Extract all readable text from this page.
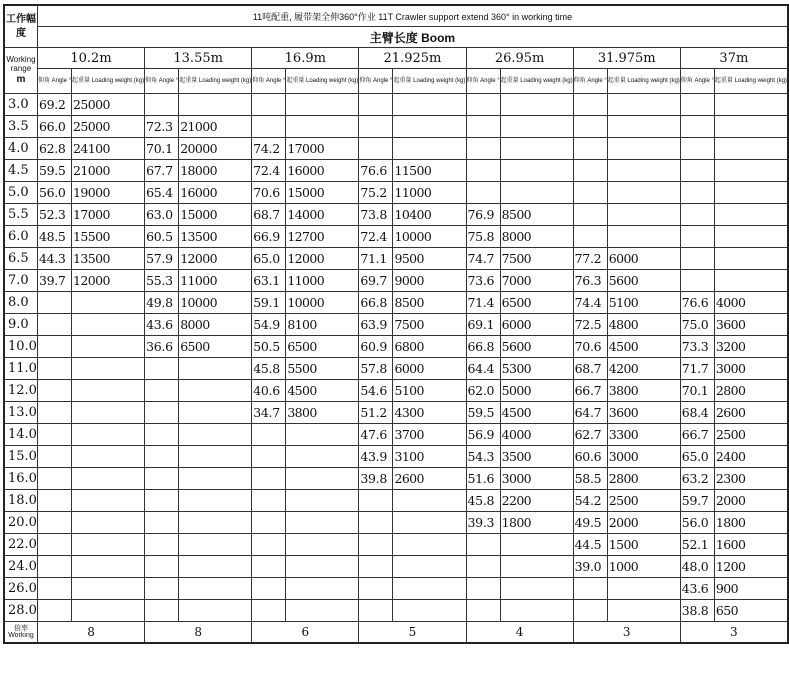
工作幅度	11吨配重, 履带架全伸360°作业 11T Crawler support extend 360° in working time													
	主臂长度 Boom													

Working range
m	10.2m		13.55m		16.9m		21.925m		26.95m		31.975m		37m	
	仰角 Angle °	起重量 Loading weight (kg)	仰角 Angle °	起重量 Loading weight (kg)	仰角 Angle °	起重量 Loading weight (kg)	仰角 Angle °	起重量 Loading weight (kg)	仰角 Angle °	起重量 Loading weight (kg)	仰角 Angle °	起重量 Loading weight (kg)	仰角 Angle °	起重量 Loading weight (kg)
3.0	69.2	25000												
3.5	66.0	25000	72.3	21000										
4.0	62.8	24100	70.1	20000	74.2	17000								
4.5	59.5	21000	67.7	18000	72.4	16000	76.6	11500						
5.0	56.0	19000	65.4	16000	70.6	15000	75.2	11000						
5.5	52.3	17000	63.0	15000	68.7	14000	73.8	10400	76.9	8500				
6.0	48.5	15500	60.5	13500	66.9	12700	72.4	10000	75.8	8000				
6.5	44.3	13500	57.9	12000	65.0	12000	71.1	9500	74.7	7500	77.2	6000		
7.0	39.7	12000	55.3	11000	63.1	11000	69.7	9000	73.6	7000	76.3	5600		
8.0			49.8	10000	59.1	10000	66.8	8500	71.4	6500	74.4	5100	76.6	4000
9.0			43.6	8000	54.9	8100	63.9	7500	69.1	6000	72.5	4800	75.0	3600
10.0			36.6	6500	50.5	6500	60.9	6800	66.8	5600	70.6	4500	73.3	3200
11.0					45.8	5500	57.8	6000	64.4	5300	68.7	4200	71.7	3000
12.0					40.6	4500	54.6	5100	62.0	5000	66.7	3800	70.1	2800
13.0					34.7	3800	51.2	4300	59.5	4500	64.7	3600	68.4	2600
14.0							47.6	3700	56.9	4000	62.7	3300	66.7	2500
15.0							43.9	3100	54.3	3500	60.6	3000	65.0	2400
16.0							39.8	2600	51.6	3000	58.5	2800	63.2	2300
18.0									45.8	2200	54.2	2500	59.7	2000
20.0									39.3	1800	49.5	2000	56.0	1800
22.0											44.5	1500	52.1	1600
24.0											39.0	1000	48.0	1200
26.0													43.6	900
28.0													38.8	650
倍率 Working	8		8		6		5		4		3		3	
